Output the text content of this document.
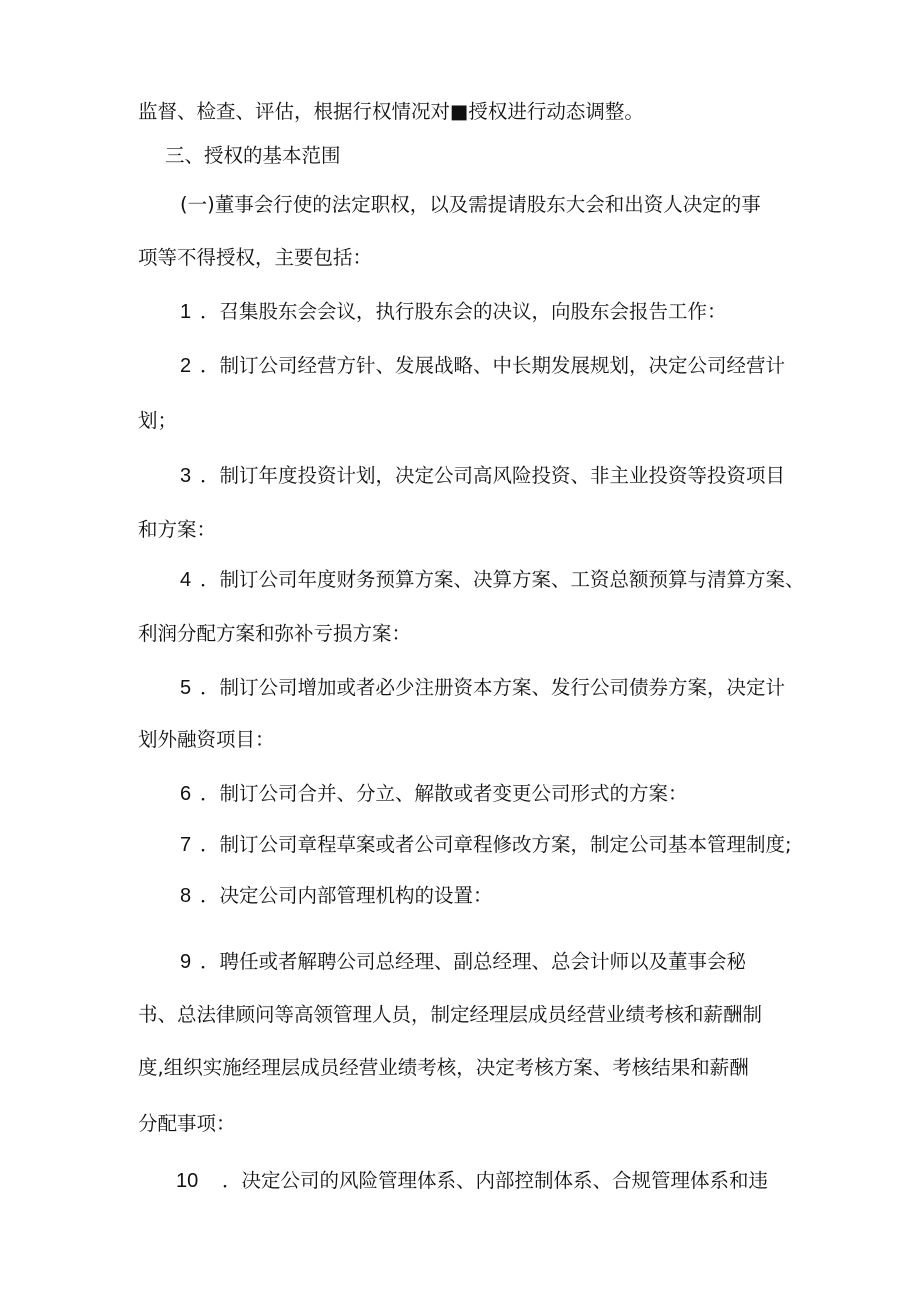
监督、检查、评估，根据行权情况对■授权进行动态调整。
三、授权的基本范围
(一)董事会行使的法定职权，以及需提请股东大会和出资人决定的事
项等不得授权，主要包括：
1 ．召集股东会会议，执行股东会的决议，向股东会报告工作：
2 ．制订公司经营方针、发展战略、中长期发展规划，决定公司经营计
划；
3 ．制订年度投资计划，决定公司高风险投资、非主业投资等投资项目
和方案：
4 ．制订公司年度财务预算方案、决算方案、工资总额预算与清算方案、
利润分配方案和弥补亏损方案：
5 ．制订公司增加或者必少注册资本方案、发行公司债券方案，决定计
划外融资项目：
6 ．制订公司合并、分立、解散或者变更公司形式的方案：
7 ．制订公司章程草案或者公司章程修改方案，制定公司基本管理制度;
8 ．决定公司内部管理机构的设置：
9 ．聘任或者解聘公司总经理、副总经理、总会计师以及董事会秘
书、总法律顾问等高领管理人员，制定经理层成员经营业绩考核和薪酬制
度,组织实施经理层成员经营业绩考核，决定考核方案、考核结果和薪酬
分配事项：
10 ．决定公司的风险管理体系、内部控制体系、合规管理体系和违
